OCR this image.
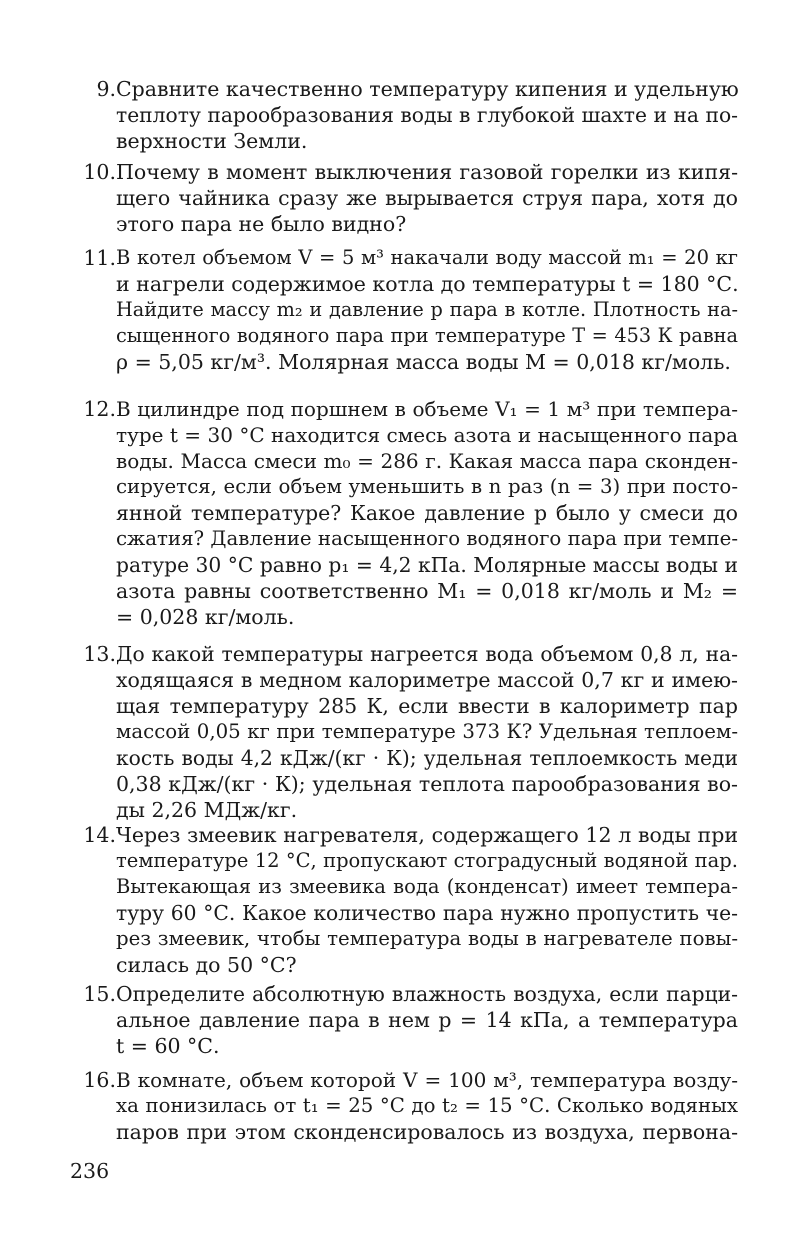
9. Сравните качественно температуру кипения и удельную
теплоту парообразования воды в глубокой шахте и на по-
верхности Земли.
10. Почему в момент выключения газовой горелки из кипя-
щего чайника сразу же вырывается струя пара, хотя до
этого пара не было видно?
11. В котел объемом V = 5 м³ накачали воду массой m₁ = 20 кг
и нагрели содержимое котла до температуры t = 180 °С.
Найдите массу m₂ и давление p пара в котле. Плотность на-
сыщенного водяного пара при температуре T = 453 К равна
ρ = 5,05 кг/м³. Молярная масса воды M = 0,018 кг/моль.
12. В цилиндре под поршнем в объеме V₁ = 1 м³ при темпера-
туре t = 30 °С находится смесь азота и насыщенного пара
воды. Масса смеси m₀ = 286 г. Какая масса пара сконден-
сируется, если объем уменьшить в n раз (n = 3) при посто-
янной температуре? Какое давление p было у смеси до
сжатия? Давление насыщенного водяного пара при темпе-
ратуре 30 °С равно p₁ = 4,2 кПа. Молярные массы воды и
азота равны соответственно M₁ = 0,018 кг/моль и M₂ =
= 0,028 кг/моль.
13. До какой температуры нагреется вода объемом 0,8 л, на-
ходящаяся в медном калориметре массой 0,7 кг и имею-
щая температуру 285 К, если ввести в калориметр пар
массой 0,05 кг при температуре 373 К? Удельная теплоем-
кость воды 4,2 кДж/(кг · К); удельная теплоемкость меди
0,38 кДж/(кг · К); удельная теплота парообразования во-
ды 2,26 МДж/кг.
14. Через змеевик нагревателя, содержащего 12 л воды при
температуре 12 °С, пропускают стоградусный водяной пар.
Вытекающая из змеевика вода (конденсат) имеет темпера-
туру 60 °С. Какое количество пара нужно пропустить че-
рез змеевик, чтобы температура воды в нагревателе повы-
силась до 50 °С?
15. Определите абсолютную влажность воздуха, если парци-
альное давление пара в нем p = 14 кПа, а температура
t = 60 °С.
16. В комнате, объем которой V = 100 м³, температура возду-
ха понизилась от t₁ = 25 °С до t₂ = 15 °С. Сколько водяных
паров при этом сконденсировалось из воздуха, первона-
236
